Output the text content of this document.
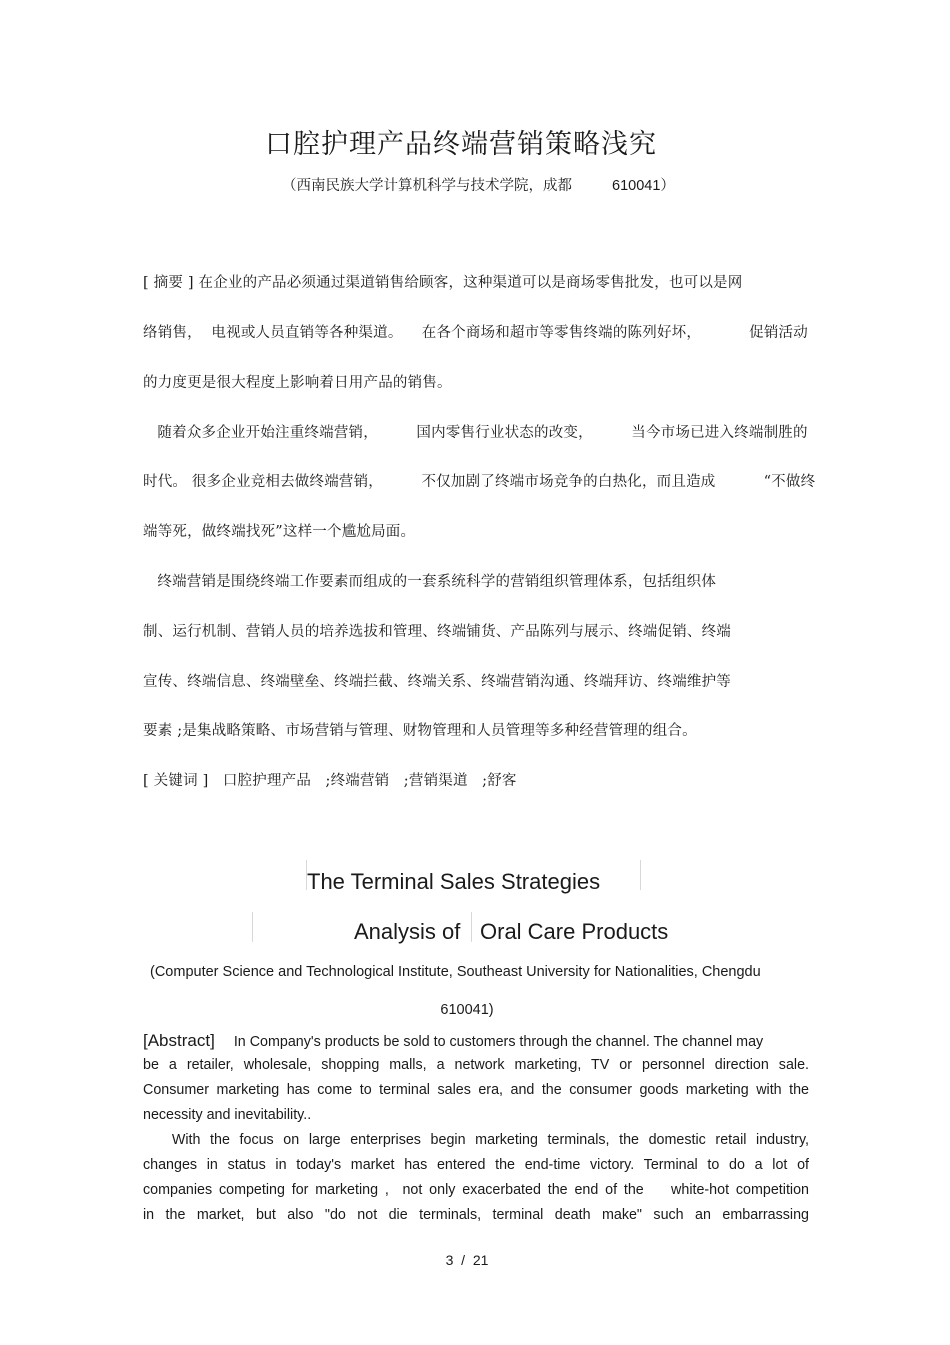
口腔护理产品终端营销策略浅究
（西南民族大学计算机科学与技术学院，成都	610041）
[ 摘要 ] 在企业的产品必须通过渠道销售给顾客，这种渠道可以是商场零售批发，也可以是网
络销售，  电视或人员直销等各种渠道。    在各个商场和超市等零售终端的陈列好坏，          促销活动
的力度更是很大程度上影响着日用产品的销售。
随着众多企业开始注重终端营销，        国内零售行业状态的改变，        当今市场已进入终端制胜的
时代。 很多企业竞相去做终端营销，        不仅加剧了终端市场竞争的白热化，而且造成          “不做终
端等死，做终端找死”这样一个尴尬局面。
终端营销是围绕终端工作要素而组成的一套系统科学的营销组织管理体系，包括组织体
制、运行机制、营销人员的培养选拔和管理、终端铺货、产品陈列与展示、终端促销、终端
宣传、终端信息、终端壁垒、终端拦截、终端关系、终端营销沟通、终端拜访、终端维护等
要素 ;是集战略策略、市场营销与管理、财物管理和人员管理等多种经营管理的组合。
[ 关键词 ]   口腔护理产品   ;终端营销   ;营销渠道   ;舒客
The Terminal Sales Strategies
Analysis of Oral Care Products
(Computer Science and Technological Institute, Southeast University for Nationalities, Chengdu
610041)
[Abstract] In Company's products be sold to customers through the channel. The channel may
be a retailer, wholesale, shopping malls, a network marketing, TV or personnel direction sale.
Consumer marketing has come to terminal sales era, and the consumer goods marketing with the
necessity and inevitability..
With the focus on large enterprises begin marketing terminals, the domestic retail industry,
changes in status in today's market has entered the end-time victory. Terminal to do a lot of
companies competing for marketing ,  not only exacerbated the end of the    white-hot competition
in the market, but also "do not die terminals, terminal death make" such an embarrassing
3  /  21
